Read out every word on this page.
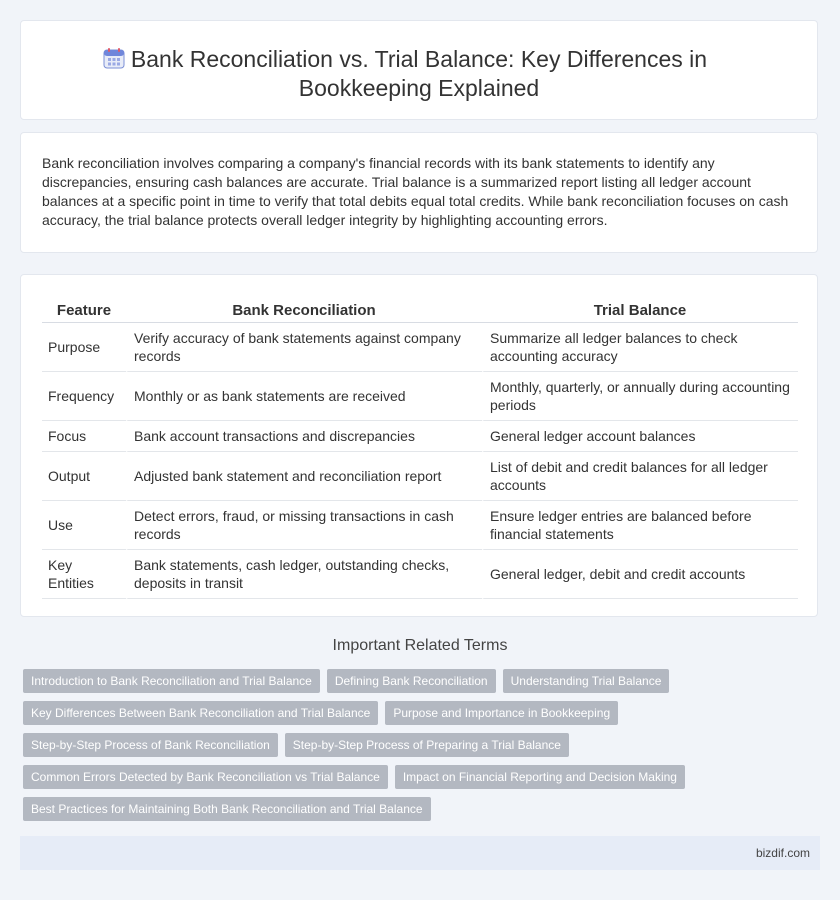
Bank Reconciliation vs. Trial Balance: Key Differences in Bookkeeping Explained

Bank reconciliation involves comparing a company's financial records with its bank statements to identify any discrepancies, ensuring cash balances are accurate. Trial balance is a summarized report listing all ledger account balances at a specific point in time to verify that total debits equal total credits. While bank reconciliation focuses on cash accuracy, the trial balance protects overall ledger integrity by highlighting accounting errors.

Feature	Bank Reconciliation	Trial Balance
Purpose	Verify accuracy of bank statements against company records	Summarize all ledger balances to check accounting accuracy
Frequency	Monthly or as bank statements are received	Monthly, quarterly, or annually during accounting periods
Focus	Bank account transactions and discrepancies	General ledger account balances
Output	Adjusted bank statement and reconciliation report	List of debit and credit balances for all ledger accounts
Use	Detect errors, fraud, or missing transactions in cash records	Ensure ledger entries are balanced before financial statements
Key Entities	Bank statements, cash ledger, outstanding checks, deposits in transit	General ledger, debit and credit accounts
Important Related Terms
Introduction to Bank Reconciliation and Trial Balance	Defining Bank Reconciliation	Understanding Trial Balance
Key Differences Between Bank Reconciliation and Trial Balance	Purpose and Importance in Bookkeeping
Step-by-Step Process of Bank Reconciliation	Step-by-Step Process of Preparing a Trial Balance
Common Errors Detected by Bank Reconciliation vs Trial Balance	Impact on Financial Reporting and Decision Making
Best Practices for Maintaining Both Bank Reconciliation and Trial Balance
bizdif.com
